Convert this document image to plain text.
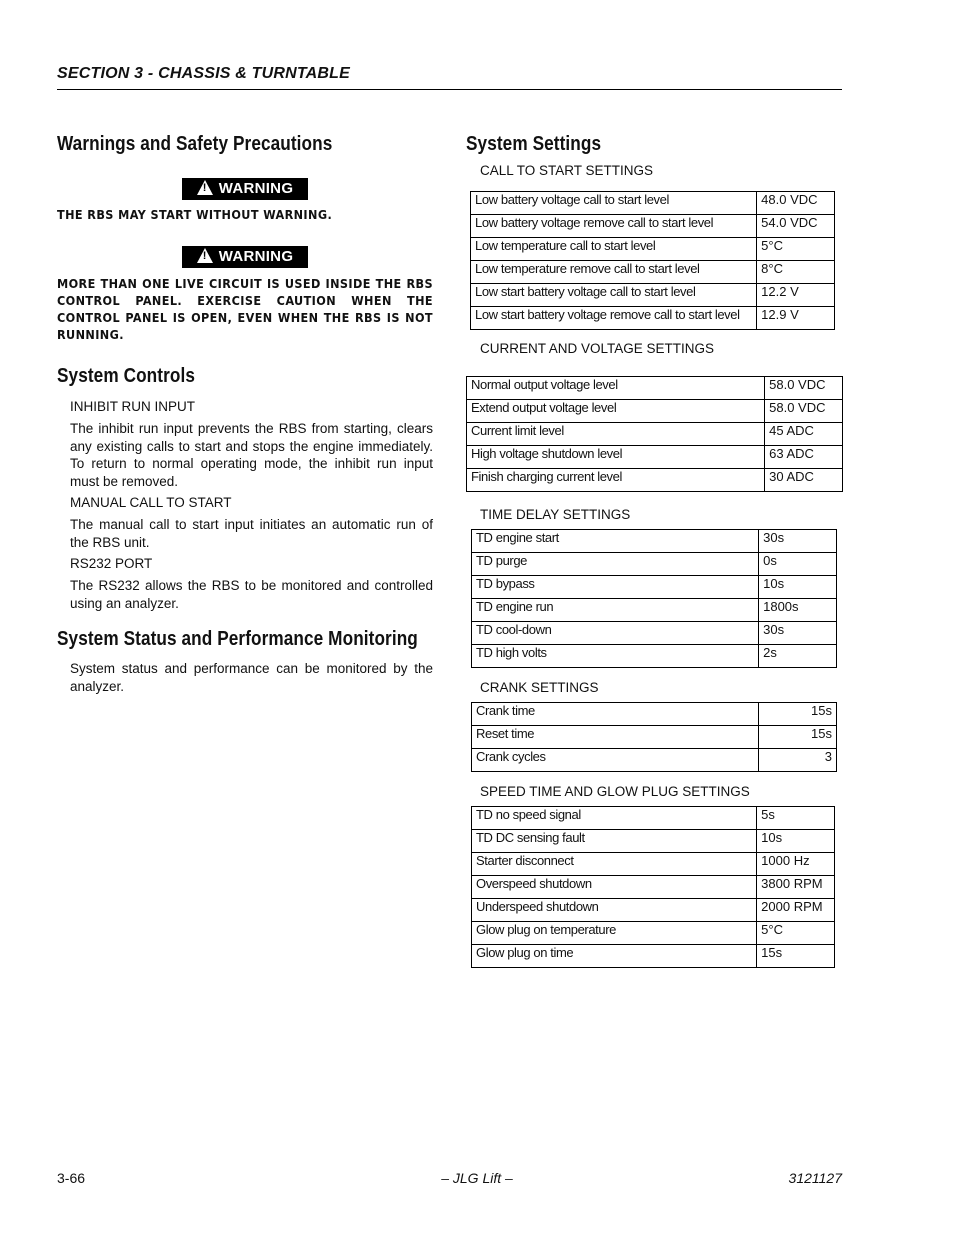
SECTION 3 - CHASSIS & TURNTABLE
Warnings and Safety Precautions
! WARNING

THE RBS MAY START WITHOUT WARNING.

! WARNING

MORE THAN ONE LIVE CIRCUIT IS USED INSIDE THE RBS CONTROL PANEL. EXERCISE CAUTION WHEN THE CONTROL PANEL IS OPEN, EVEN WHEN THE RBS IS NOT RUNNING.

System Controls

INHIBIT RUN INPUT

The inhibit run input prevents the RBS from starting, clears any existing calls to start and stops the engine immediately. To return to normal operating mode, the inhibit run input must be removed.

MANUAL CALL TO START

The manual call to start input initiates an automatic run of the RBS unit.

RS232 PORT

The RS232 allows the RBS to be monitored and controlled using an analyzer.

System Status and Performance Monitoring

System status and performance can be monitored by the analyzer.

System Settings
CALL TO START SETTINGS
Low battery voltage call to start level	48.0 VDC
Low battery voltage remove call to start level	54.0 VDC
Low temperature call to start level	5°C
Low temperature remove call to start level	8°C
Low start battery voltage call to start level	12.2 V
Low start battery voltage remove call to start level	12.9 V
CURRENT AND VOLTAGE SETTINGS
Normal output voltage level	58.0 VDC
Extend output voltage level	58.0 VDC
Current limit level	45 ADC
High voltage shutdown level	63 ADC
Finish charging current level	30 ADC
TIME DELAY SETTINGS
TD engine start	30s
TD purge	0s
TD bypass	10s
TD engine run	1800s
TD cool-down	30s
TD high volts	2s
CRANK SETTINGS
Crank time	15s
Reset time	15s
Crank cycles	3
SPEED TIME AND GLOW PLUG SETTINGS
TD no speed signal	5s
TD DC sensing fault	10s
Starter disconnect	1000 Hz
Overspeed shutdown	3800 RPM
Underspeed shutdown	2000 RPM
Glow plug on temperature	5°C
Glow plug on time	15s
3-66	– JLG Lift –	3121127
